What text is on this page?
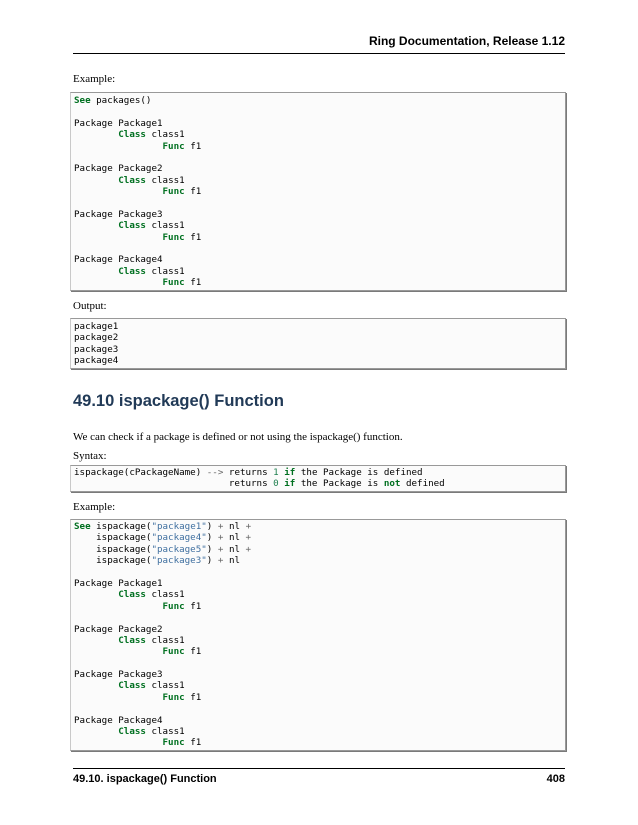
Ring Documentation, Release 1.12
Example:
See packages()
Package Package1
Class class1
Func f1
Package Package2
Class class1
Func f1
Package Package3
Class class1
Func f1
Package Package4
Class class1
Func f1
Output:
package1
package2
package3
package4
49.10 ispackage() Function
We can check if a package is defined or not using the ispackage() function.
Syntax:
ispackage(cPackageName) --> returns 1 if the Package is defined
returns 0 if the Package is not defined
Example:
See ispackage("package1") + nl +
ispackage("package4") + nl +
ispackage("package5") + nl +
ispackage("package3") + nl
Package Package1
Class class1
Func f1
Package Package2
Class class1
Func f1
Package Package3
Class class1
Func f1
Package Package4
Class class1
Func f1
49.10. ispackage() Function	408
